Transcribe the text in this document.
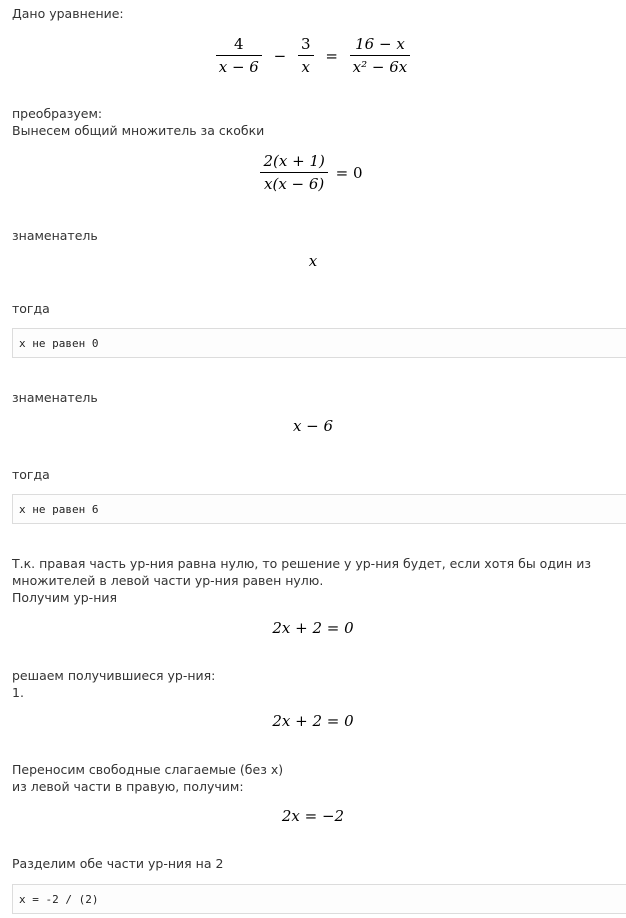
Дано уравнение:
$\frac{4}{x - 6} - \frac{3}{x} = \frac{16 - x}{\text{x² − 6x}}$
преобразуем:
Вынесем общий множитель за скобки
$\frac{2(x + 1)}{x(x - 6)} = 0$
знаменатель
x
тогда
x не равен 0
знаменатель
x − 6
тогда
x не равен 6
Т.к. правая часть ур-ния равна нулю, то решение у ур-ния будет, если хотя бы один из
множителей в левой части ур-ния равен нулю.
Получим ур-ния
2x + 2 = 0
решаем получившиеся ур-ния:
1.
2x + 2 = 0
Переносим свободные слагаемые (без x)
из левой части в правую, получим:
2x = −2
Разделим обе части ур-ния на 2
x = -2 / (2)
